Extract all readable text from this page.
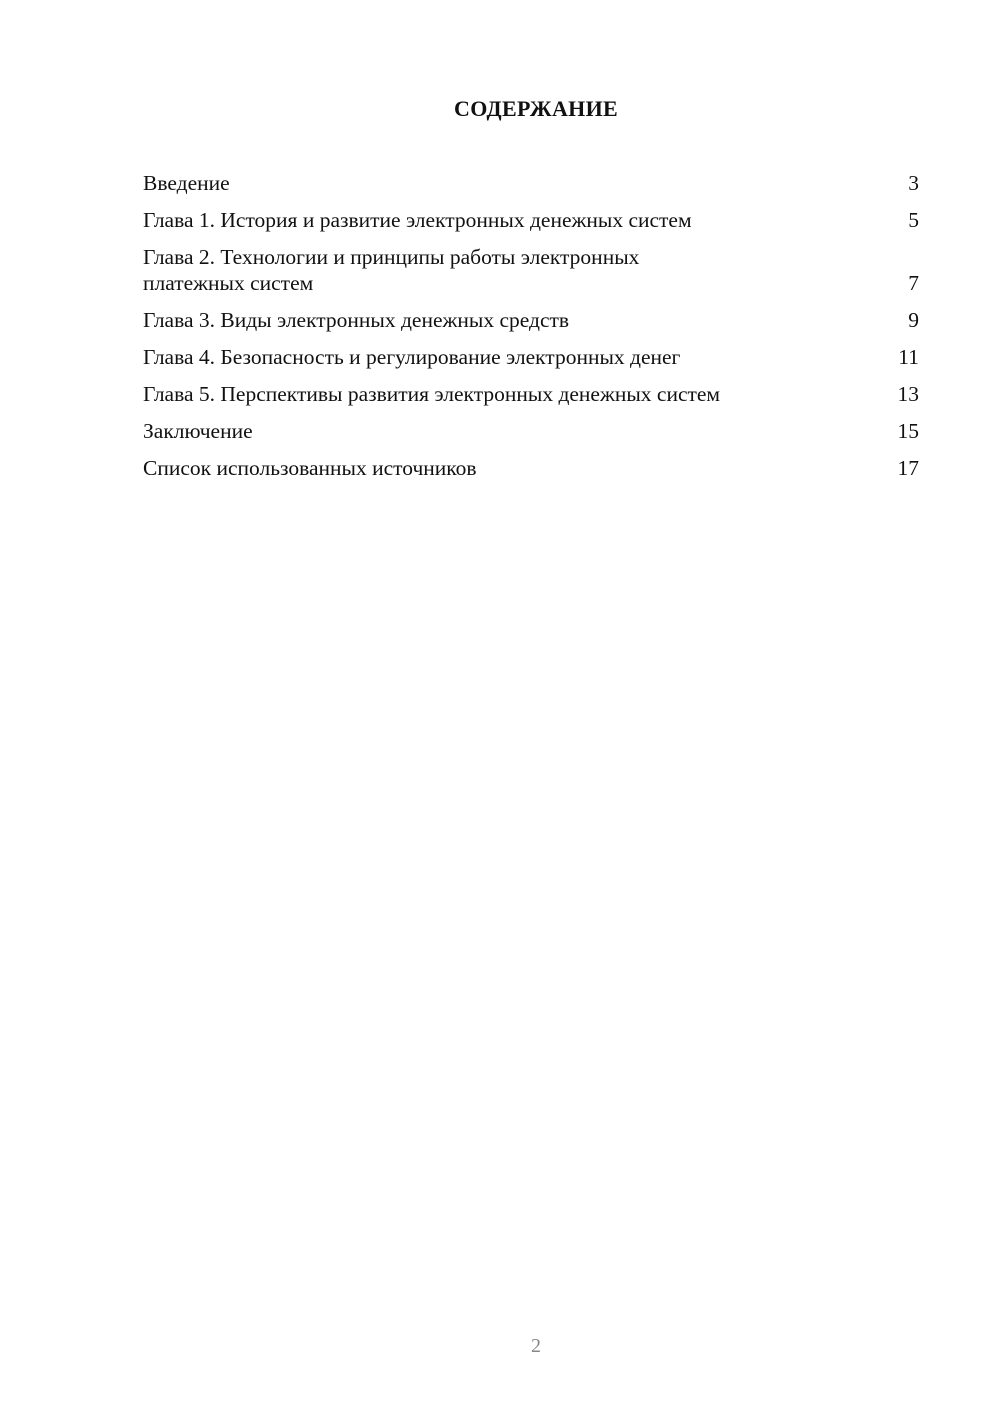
СОДЕРЖАНИЕ
Введение	3
Глава 1. История и развитие электронных денежных систем	5
Глава 2. Технологии и принципы работы электронных платежных систем	7
Глава 3. Виды электронных денежных средств	9
Глава 4. Безопасность и регулирование электронных денег	11
Глава 5. Перспективы развития электронных денежных систем	13
Заключение	15
Список использованных источников	17
2
